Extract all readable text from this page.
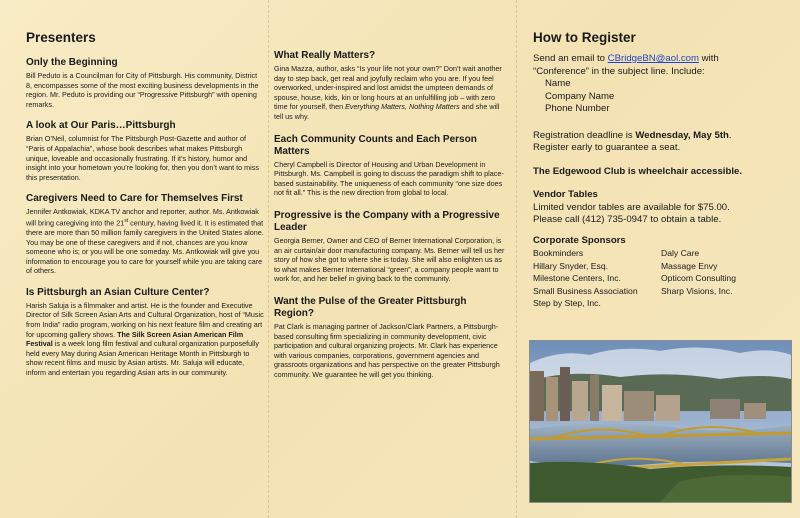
Presenters
Only the Beginning

Bill Peduto is a Councilman for City of Pittsburgh. His community, District 8, encompasses some of the most exciting business developments in the region. Mr. Peduto is providing our “Progressive Pittsburgh” with opening remarks.

A look at Our Paris…Pittsburgh

Brian O’Neil, columnist for The Pittsburgh Post-Gazette and author of “Paris of Appalachia”, whose book describes what makes Pittsburgh unique, loveable and occasionally frustrating. If it’s history, humor and insight into your hometown you’re looking for, then you don’t want to miss this presentation.

Caregivers Need to Care for Themselves First

Jennifer Antkowiak, KDKA TV anchor and reporter, author. Ms. Antkowiak will bring caregiving into the 21st century, having lived it. It is estimated that there are more than 50 million family caregivers in the United States alone. You may be one of these caregivers and if not, chances are you know someone who is; or you will be one someday. Ms. Antkowiak will give you information to encourage you to care for yourself while you are taking care of others.

Is Pittsburgh an Asian Culture Center?

Harish Saluja is a filmmaker and artist. He is the founder and Executive Director of Silk Screen Asian Arts and Cultural Organization, host of “Music from India” radio program, working on his next feature film and creating art for upcoming gallery shows. The Silk Screen Asian American Film Festival is a week long film festival and cultural organization purposefully held every May during Asian American Heritage Month in Pittsburgh to show recent films and music by Asian artists. Mr. Saluja will educate, inform and entertain you regarding Asian arts in our community.

What Really Matters?

Gina Mazza, author, asks “Is your life not your own?” Don’t wait another day to step back, get real and joyfully reclaim who you are. If you feel overworked, under-inspired and lost amidst the umpteen demands of spouse, house, kids, kin or long hours at an unfulfilling job – with zero time for yourself, then Everything Matters, Nothing Matters and she will tell us why.

Each Community Counts and Each Person Matters

Cheryl Campbell is Director of Housing and Urban Development in Pittsburgh. Ms. Campbell is going to discuss the paradigm shift to place-based sustainability. The uniqueness of each community “one size does not fit all.” This is the new direction from global to local.

Progressive is the Company with a Progressive Leader

Georgia Berner, Owner and CEO of Berner International Corporation, is an air curtain/air door manufacturing company. Ms. Berner will tell us her story of how she got to where she is today. She will also enlighten us as to what makes Berner International “green”, a company people want to work for, and her belief in giving back to the community.

Want the Pulse of the Greater Pittsburgh Region?

Pat Clark is managing partner of Jackson/Clark Partners, a Pittsburgh-based consulting firm specializing in community development, civic participation and cultural organizing projects. Mr. Clark has experience with various companies, corporations, government agencies and grassroots organizations and has perspective on the greater Pittsburgh community. We guarantee he will get you thinking.

How to Register
Send an email to CBridgeBN@aol.com with
“Conference” in the subject line. Include:
Name
Company Name
Phone Number
Registration deadline is Wednesday, May 5th.
Register early to guarantee a seat.
The Edgewood Club is wheelchair accessible.
Vendor Tables
Limited vendor tables are available for $75.00.
Please call (412) 735-0947 to obtain a table.
Corporate Sponsors
Bookminders
Hillary Snyder, Esq.
Milestone Centers, Inc.
Small Business Association
Step by Step, Inc.
Daly Care
Massage Envy
Opticom Consulting
Sharp Visions, Inc.
